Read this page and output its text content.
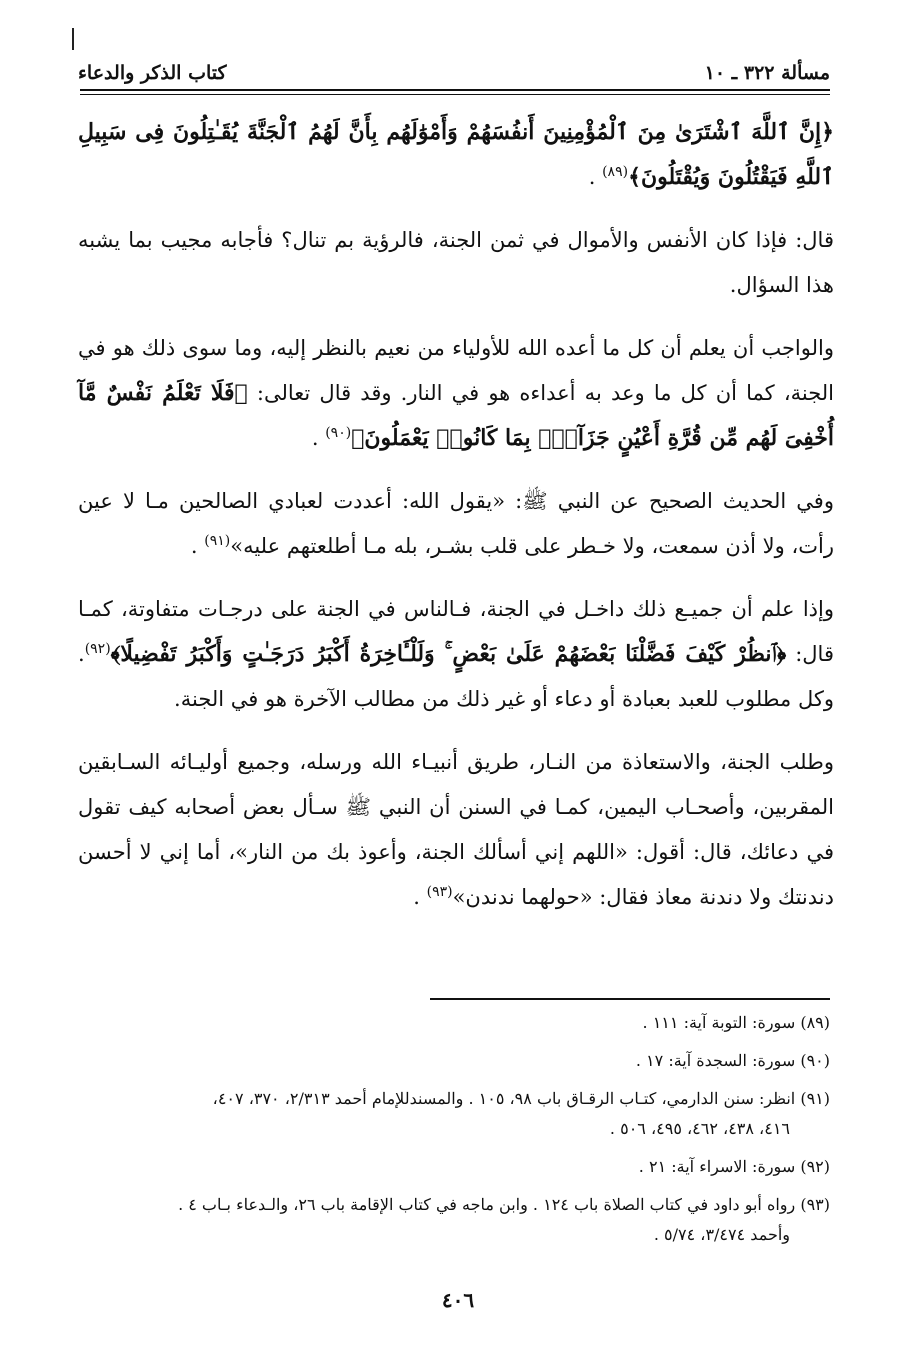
مسألة ٣٢٢ ـ ١٠
كتاب الذكر والدعاء

﴿إِنَّ ٱللَّهَ ٱشْتَرَىٰ مِنَ ٱلْمُؤْمِنِينَ أَنفُسَهُمْ وَأَمْوَٰلَهُم بِأَنَّ لَهُمُ ٱلْجَنَّةَ يُقَـٰتِلُونَ فِى سَبِيلِ ٱللَّهِ فَيَقْتُلُونَ وَيُقْتَلُونَ﴾$^{(٨٩)}$ .

قال: فإذا كان الأنفس والأموال في ثمن الجنة، فالرؤية بم تنال؟ فأجابه مجيب بما يشبه هذا السؤال.

والواجب أن يعلم أن كل ما أعده الله للأولياء من نعيم بالنظر إليه، وما سوى ذلك هو في الجنة، كما أن كل ما وعد به أعداءه هو في النار. وقد قال تعالى: ﴿فَلَا تَعْلَمُ نَفْسٌ مَّآ أُخْفِىَ لَهُم مِّن قُرَّةِ أَعْيُنٍ جَزَآءًۢ بِمَا كَانُوا۟ يَعْمَلُونَ﴾$^{(٩٠)}$ .

وفي الحديث الصحيح عن النبي ﷺ: «يقول الله: أعددت لعبادي الصالحين مـا لا عين رأت، ولا أذن سمعت، ولا خـطر على قلب بشـر، بله مـا أطلعتهم عليه»$^{(٩١)}$ .

وإذا علم أن جميـع ذلك داخـل في الجنة، فـالناس في الجنة على درجـات متفاوتة، كمـا قال: ﴿ٱنظُرْ كَيْفَ فَضَّلْنَا بَعْضَهُمْ عَلَىٰ بَعْضٍ ۚ وَلَلْـَٔاخِرَةُ أَكْبَرُ دَرَجَـٰتٍ وَأَكْبَرُ تَفْضِيلًا﴾$^{(٩٢)}$. وكل مطلوب للعبد بعبادة أو دعاء أو غير ذلك من مطالب الآخرة هو في الجنة.

وطلب الجنة، والاستعاذة من النـار، طريق أنبيـاء الله ورسله، وجميع أوليـائه السـابقين المقربين، وأصحـاب اليمين، كمـا في السنن أن النبي ﷺ سـأل بعض أصحابه كيف تقول في دعائك، قال: أقول: «اللهم إني أسألك الجنة، وأعوذ بك من النار»، أما إني لا أحسن دندنتك ولا دندنة معاذ فقال: «حولهما ندندن»$^{(٩٣)}$ .

(٨٩) سورة: التوبة آية: ١١١ .
(٩٠) سورة: السجدة آية: ١٧ .
(٩١) انظر: سنن الدارمي، كتـاب الرقـاق باب ٩٨، ١٠٥ . والمسندللإمام أحمد ٢/٣١٣، ٣٧٠، ٤٠٧،
٤١٦، ٤٣٨، ٤٦٢، ٤٩٥، ٥٠٦ .
(٩٢) سورة: الاسراء آية: ٢١ .
(٩٣) رواه أبو داود في كتاب الصلاة باب ١٢٤ . وابن ماجه في كتاب الإقامة باب ٢٦، والـدعاء بـاب ٤ .
وأحمد ٣/٤٧٤، ٥/٧٤ .
٤٠٦
